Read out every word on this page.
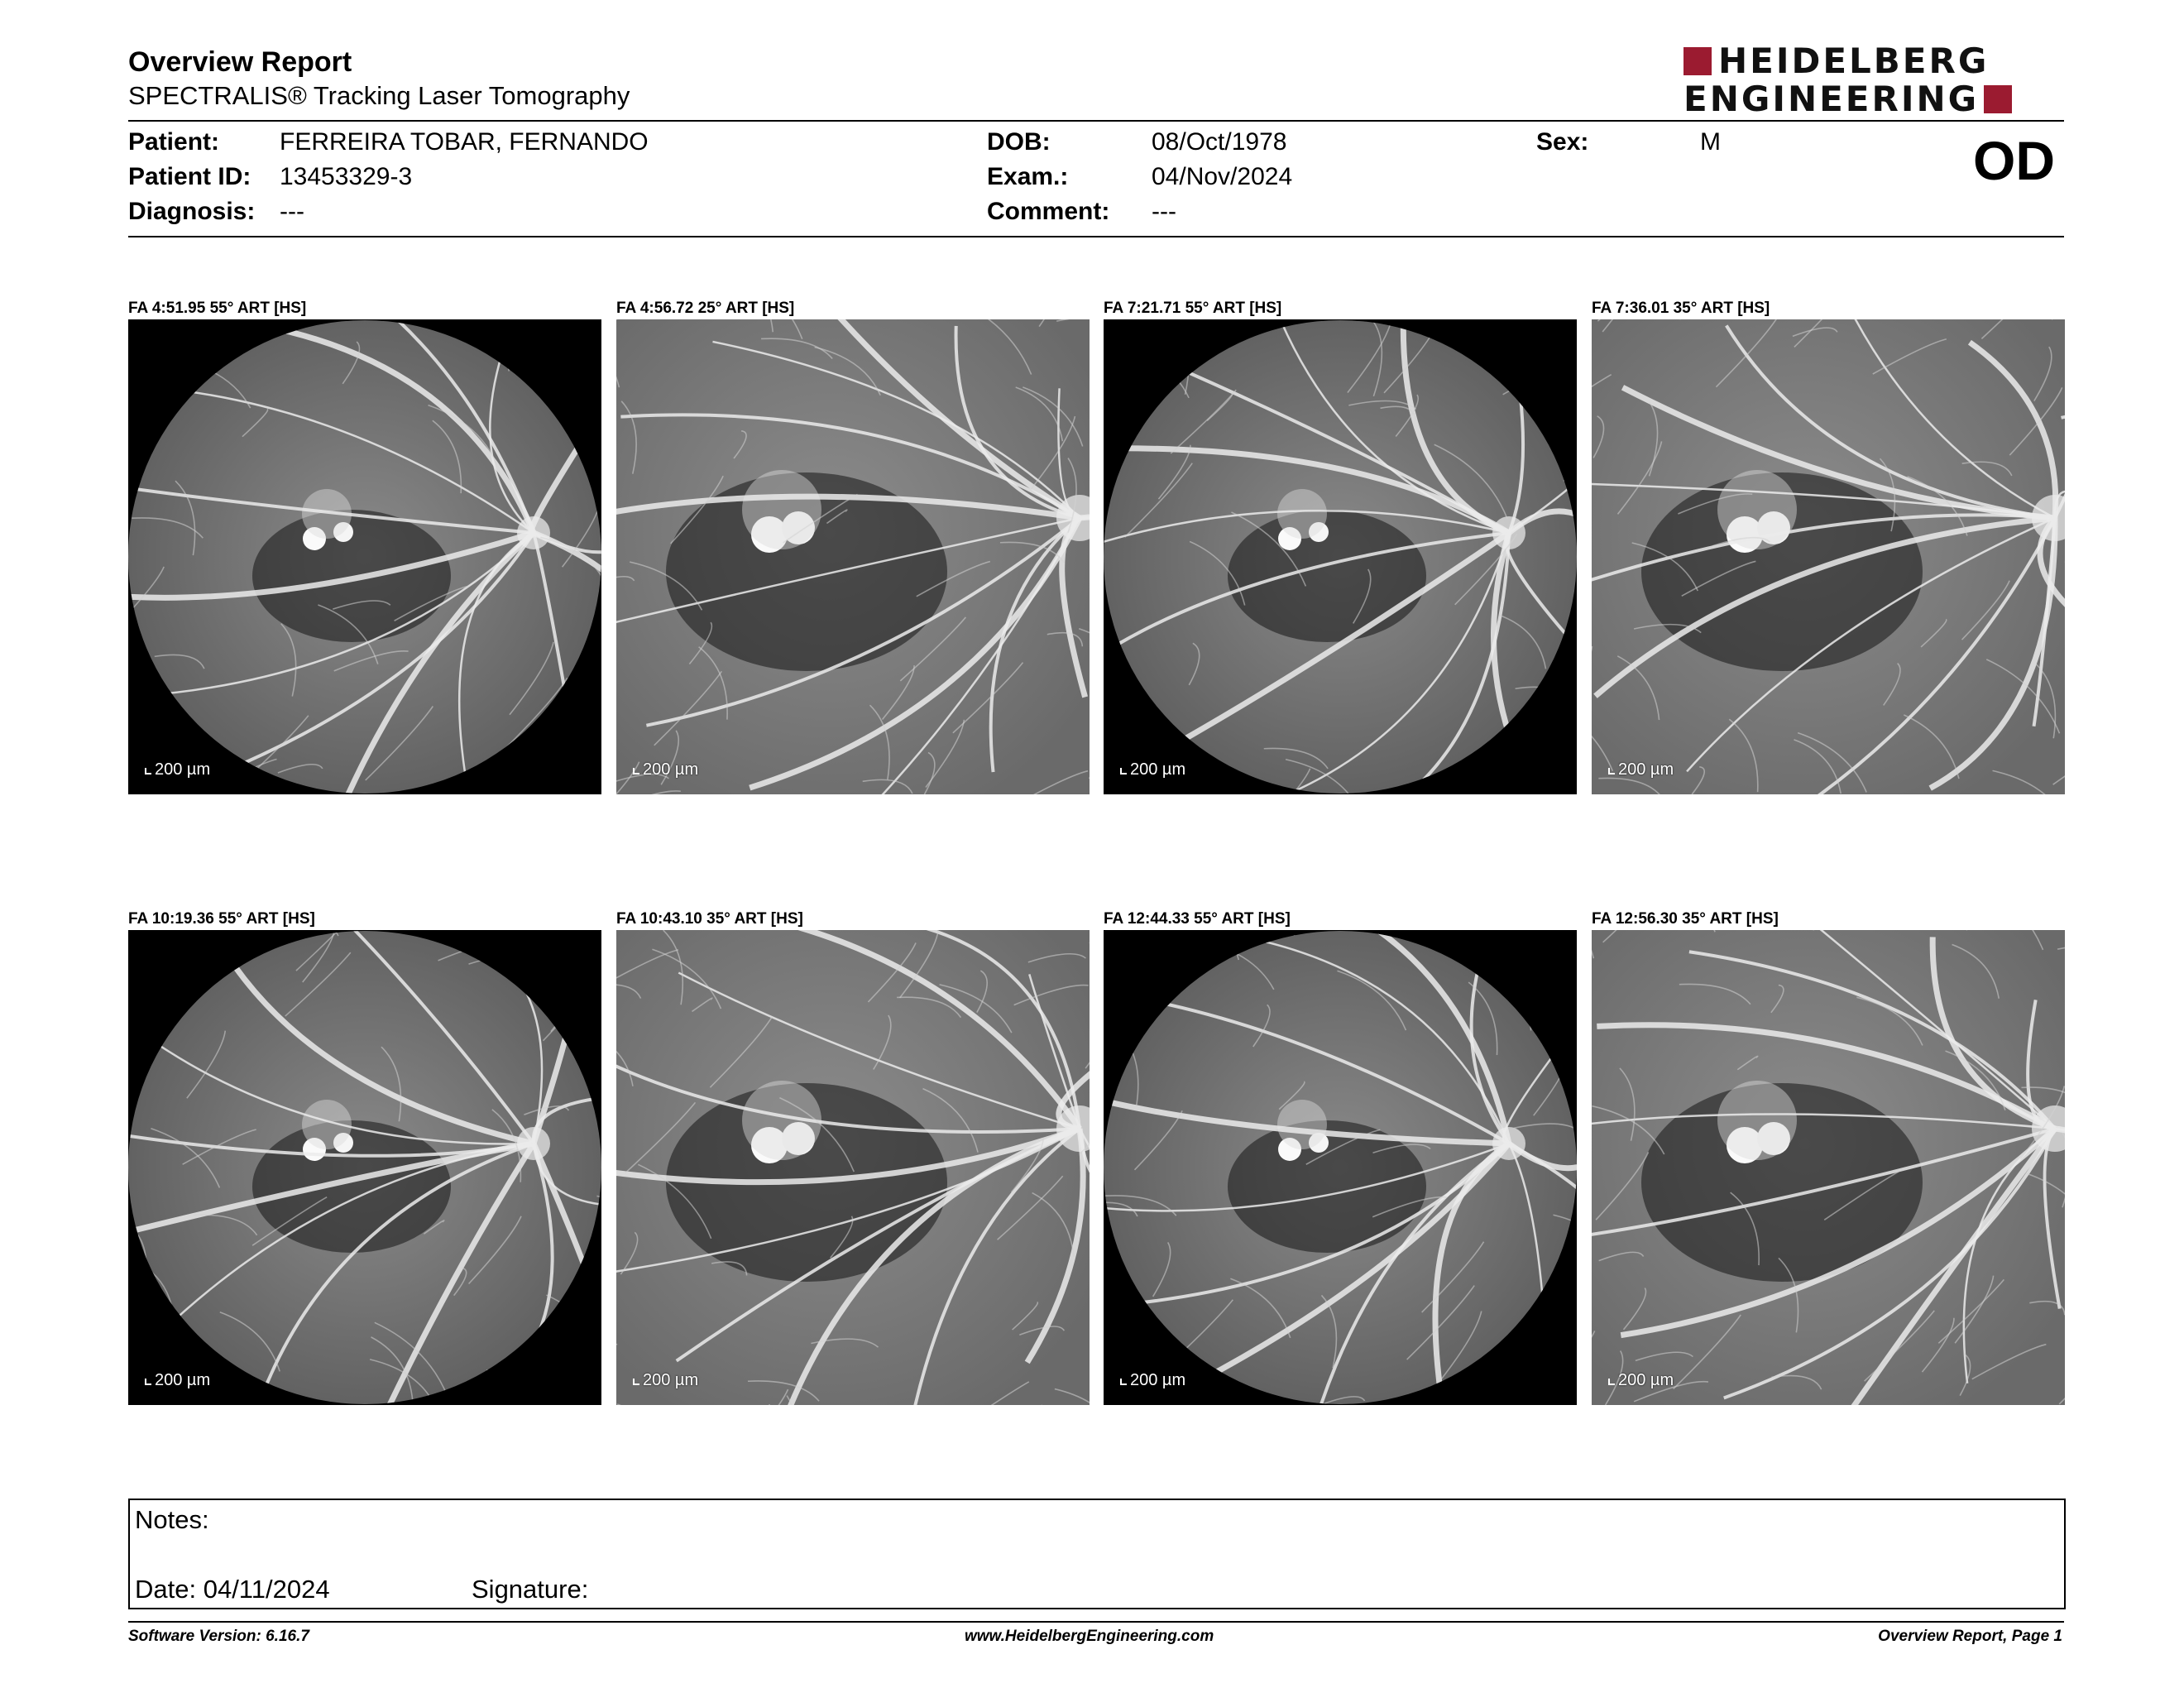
Overview Report
SPECTRALIS® Tracking Laser Tomography
HEIDELBERG
ENGINEERING
Patient: FERREIRA TOBAR, FERNANDO
Patient ID: 13453329-3
Diagnosis: ---
DOB:	08/Oct/1978
Exam.:	04/Nov/2024
Comment: ---
Sex:	M	OD
FA 4:51.95 55° ART [HS]
200 µm
FA 4:56.72 25° ART [HS]
200 µm
FA 7:21.71 55° ART [HS]
200 µm
FA 7:36.01 35° ART [HS]
200 µm
FA 10:19.36 55° ART [HS]
200 µm
FA 10:43.10 35° ART [HS]
200 µm
FA 12:44.33 55° ART [HS]
200 µm
FA 12:56.30 35° ART [HS]
200 µm
Notes:
Date: 04/11/2024	Signature:
Software Version: 6.16.7	www.HeidelbergEngineering.com	Overview Report, Page 1
